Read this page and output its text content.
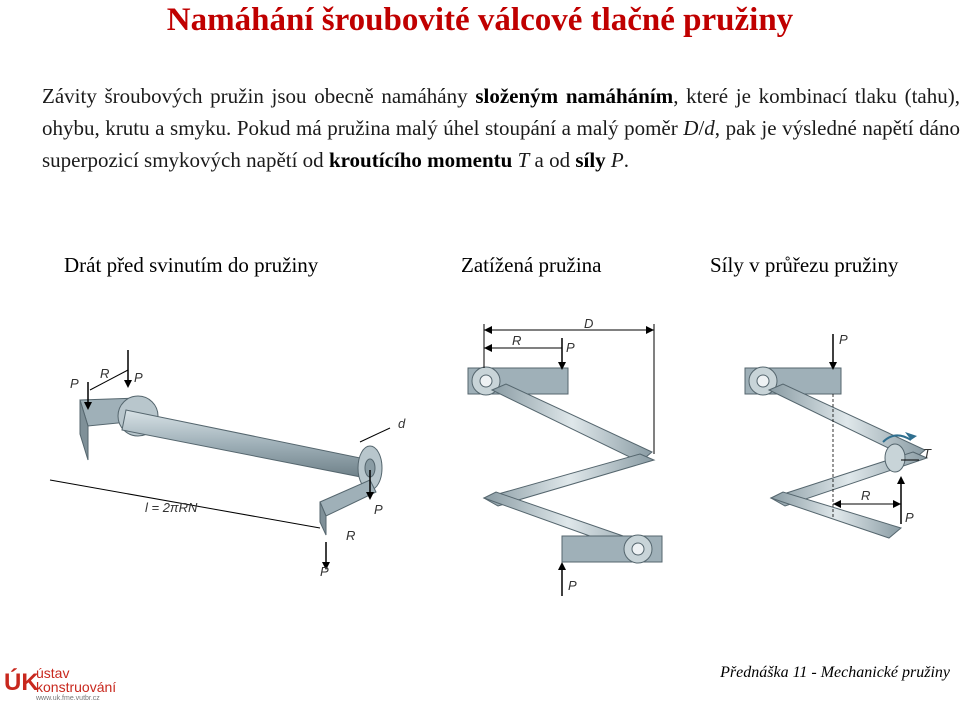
Namáhání šroubovité válcové tlačné pružiny
Závity šroubových pružin jsou obecně namáhány složeným namáháním, které je kombinací tlaku (tahu), ohybu, krutu a smyku. Pokud má pružina malý úhel stoupání a malý poměr D/d, pak je výsledné napětí dáno superpozicí smykových napětí od kroutícího momentu T a od síly P.
Drát před svinutím do pružiny	Zatížená pružina	Síly v průřezu pružiny
P
R P
d
l = 2πRN	P
R
P
D
R	P
P
P
T
R
P
ÚK
ústav
konstruování
www.uk.fme.vutbr.cz
Přednáška 11 - Mechanické pružiny
